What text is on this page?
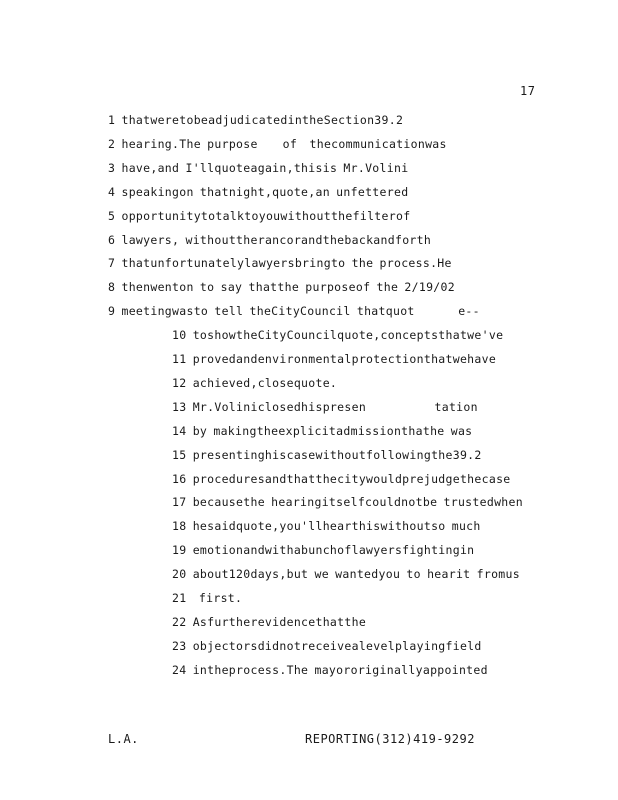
17
1 thatweretobeadjudicatedintheSection39.2
2 hearing.The purpose    of  thecommunicationwas
3 have,and I'llquoteagain,thisis Mr.Volini
4 speakingon thatnight,quote,an unfettered
5 opportunitytotalktoyouwithoutthefilterof
6 lawyers, withouttherancorandthebackandforth
7 thatunfortunatelylawyersbringto the process.He
8 thenwenton to say thatthe purposeof the 2/19/02
9 meetingwasto tell theCityCouncil thatquot       e--
10 toshowtheCityCouncilquote,conceptsthatwe've
11 provedandenvironmentalprotectionthatwehave
12 achieved,closequote.
13 Mr.Voliniclosedhispresen           tation
14 by makingtheexplicitadmissionthathe was
15 presentinghiscasewithoutfollowingthe39.2
16 proceduresandthatthecitywouldprejudgethecase
17 becausethe hearingitselfcouldnotbe trustedwhen
18 hesaidquote,you'llhearthiswithoutso much
19 emotionandwithabunchoflawyersfightingin
20 about120days,but we wantedyou to hearit fromus
21  first.
22 Asfurtherevidencethatthe
23 objectorsdidnotreceivealevelplayingfield
24 intheprocess.The mayororiginallyappointed
L.A.	REPORTING(312)419-9292
